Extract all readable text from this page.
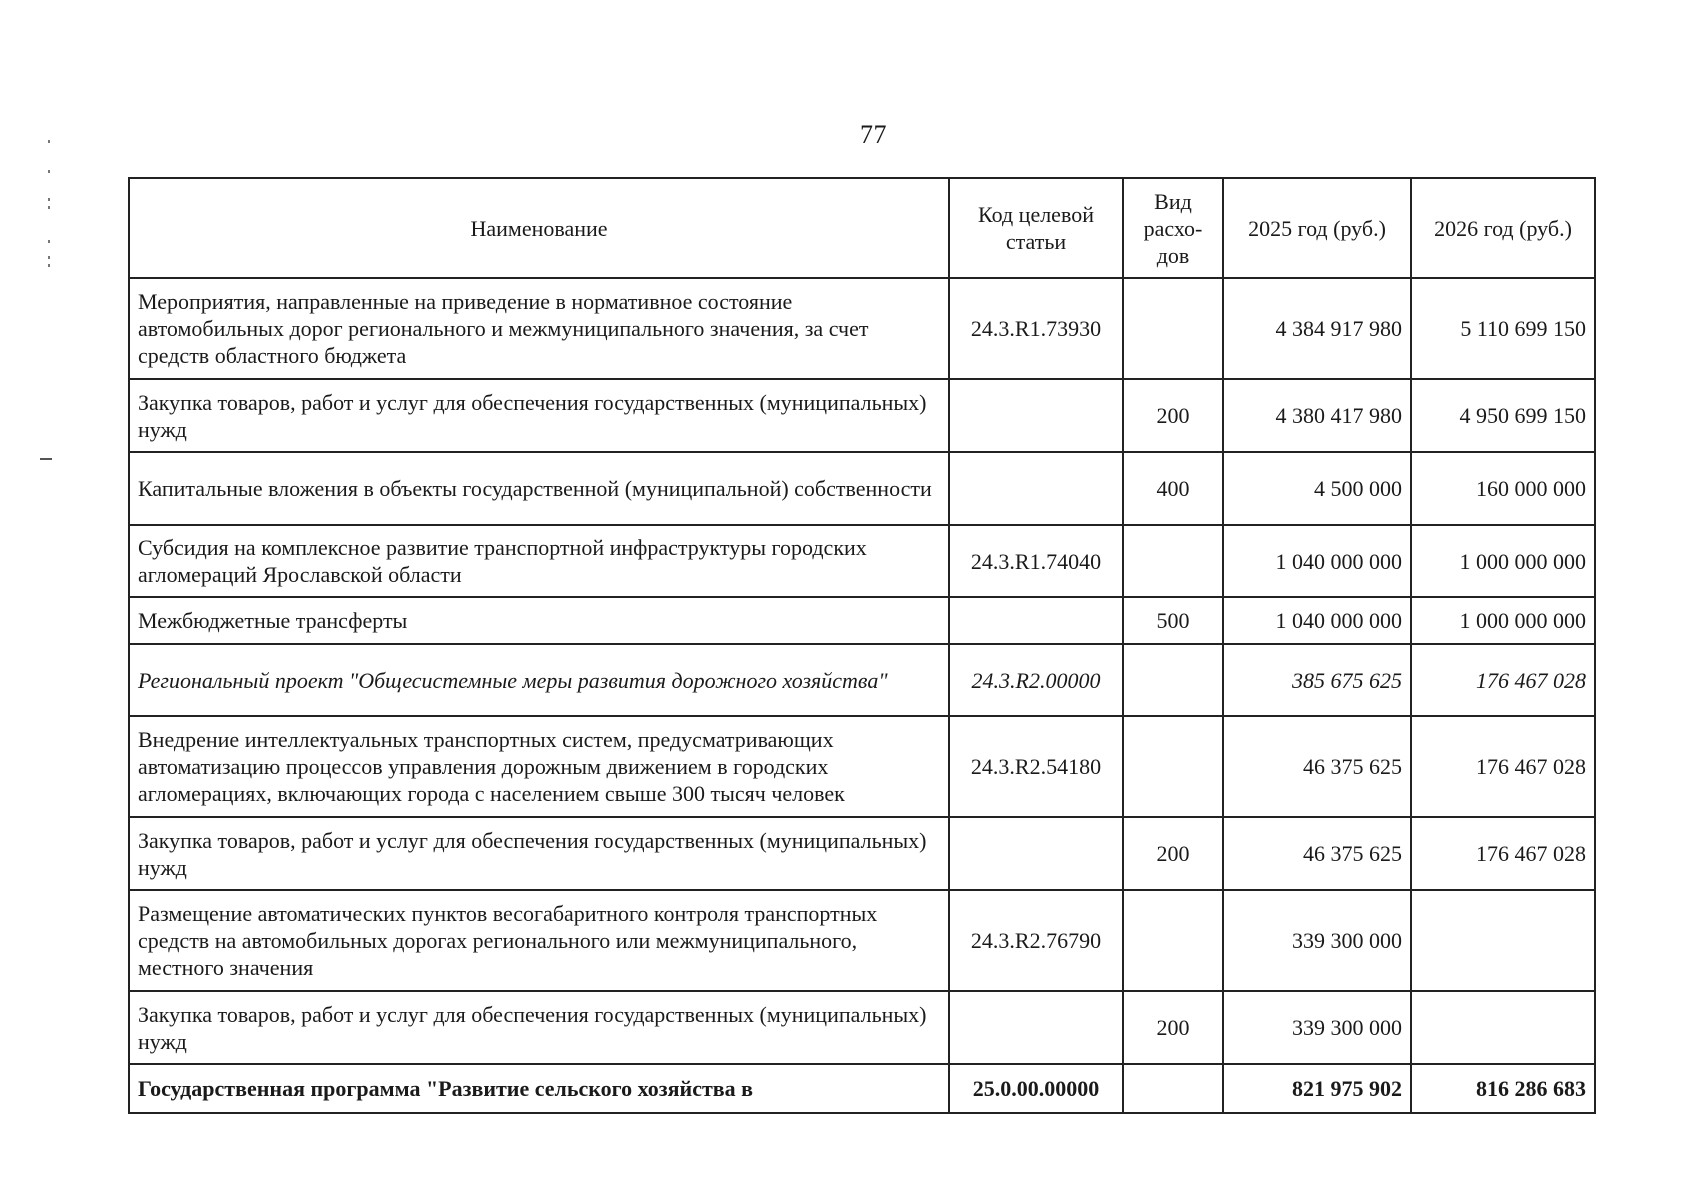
77
Наименование	Код целевой статьи	Вид расхо- дов	2025 год (руб.)	2026 год (руб.)
Мероприятия, направленные на приведение в нормативное состояние автомобильных дорог регионального и межмуниципального значения, за счет средств областного бюджета	24.3.R1.73930		4 384 917 980	5 110 699 150
Закупка товаров, работ и услуг для обеспечения государственных (муниципальных) нужд		200	4 380 417 980	4 950 699 150
Капитальные вложения в объекты государственной (муниципальной) собственности		400	4 500 000	160 000 000
Субсидия на комплексное развитие транспортной инфраструктуры городских агломераций Ярославской области	24.3.R1.74040		1 040 000 000	1 000 000 000
Межбюджетные трансферты		500	1 040 000 000	1 000 000 000
Региональный проект "Общесистемные меры развития дорожного хозяйства"	24.3.R2.00000		385 675 625	176 467 028
Внедрение интеллектуальных транспортных систем, предусматривающих автоматизацию процессов управления дорожным движением в городских агломерациях, включающих города с населением свыше 300 тысяч человек	24.3.R2.54180		46 375 625	176 467 028
Закупка товаров, работ и услуг для обеспечения государственных (муниципальных) нужд		200	46 375 625	176 467 028
Размещение автоматических пунктов весогабаритного контроля транспортных средств на автомобильных дорогах регионального или межмуниципального, местного значения	24.3.R2.76790		339 300 000	
Закупка товаров, работ и услуг для обеспечения государственных (муниципальных) нужд		200	339 300 000	
Государственная программа "Развитие сельского хозяйства в	25.0.00.00000		821 975 902	816 286 683
